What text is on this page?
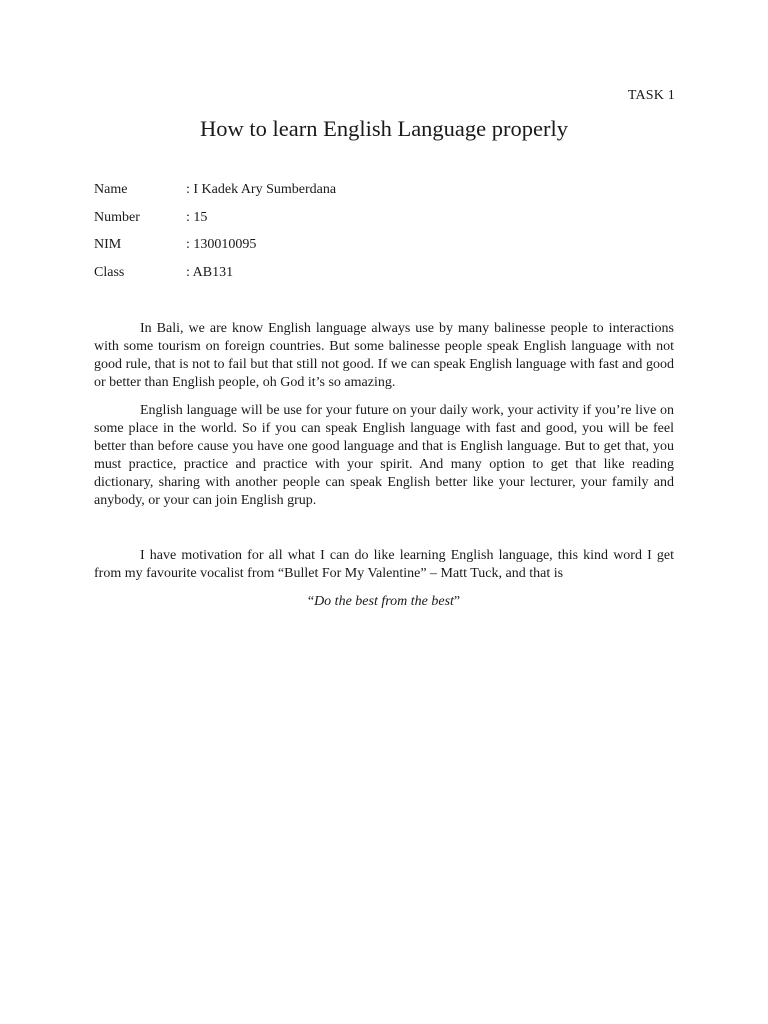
TASK 1
How to learn English Language properly
Name	: I Kadek Ary Sumberdana
Number	: 15
NIM	: 130010095
Class	: AB131

In Bali, we are know English language always use by many balinesse people to interactions with some tourism on foreign countries. But some balinesse people speak English language with not good rule, that is not to fail but that still not good. If we can speak English language with fast and good or better than English people, oh God it’s so amazing.

English language will be use for your future on your daily work, your activity if you’re live on some place in the world. So if you can speak English language with fast and good, you will be feel better than before cause you have one good language and that is English language. But to get that, you must practice, practice and practice with your spirit. And many option to get that like reading dictionary, sharing with another people can speak English better like your lecturer, your family and anybody, or your can join English grup.

I have motivation for all what I can do like learning English language, this kind word I get from my favourite vocalist from “Bullet For My Valentine” – Matt Tuck, and that is

“Do the best from the best”
